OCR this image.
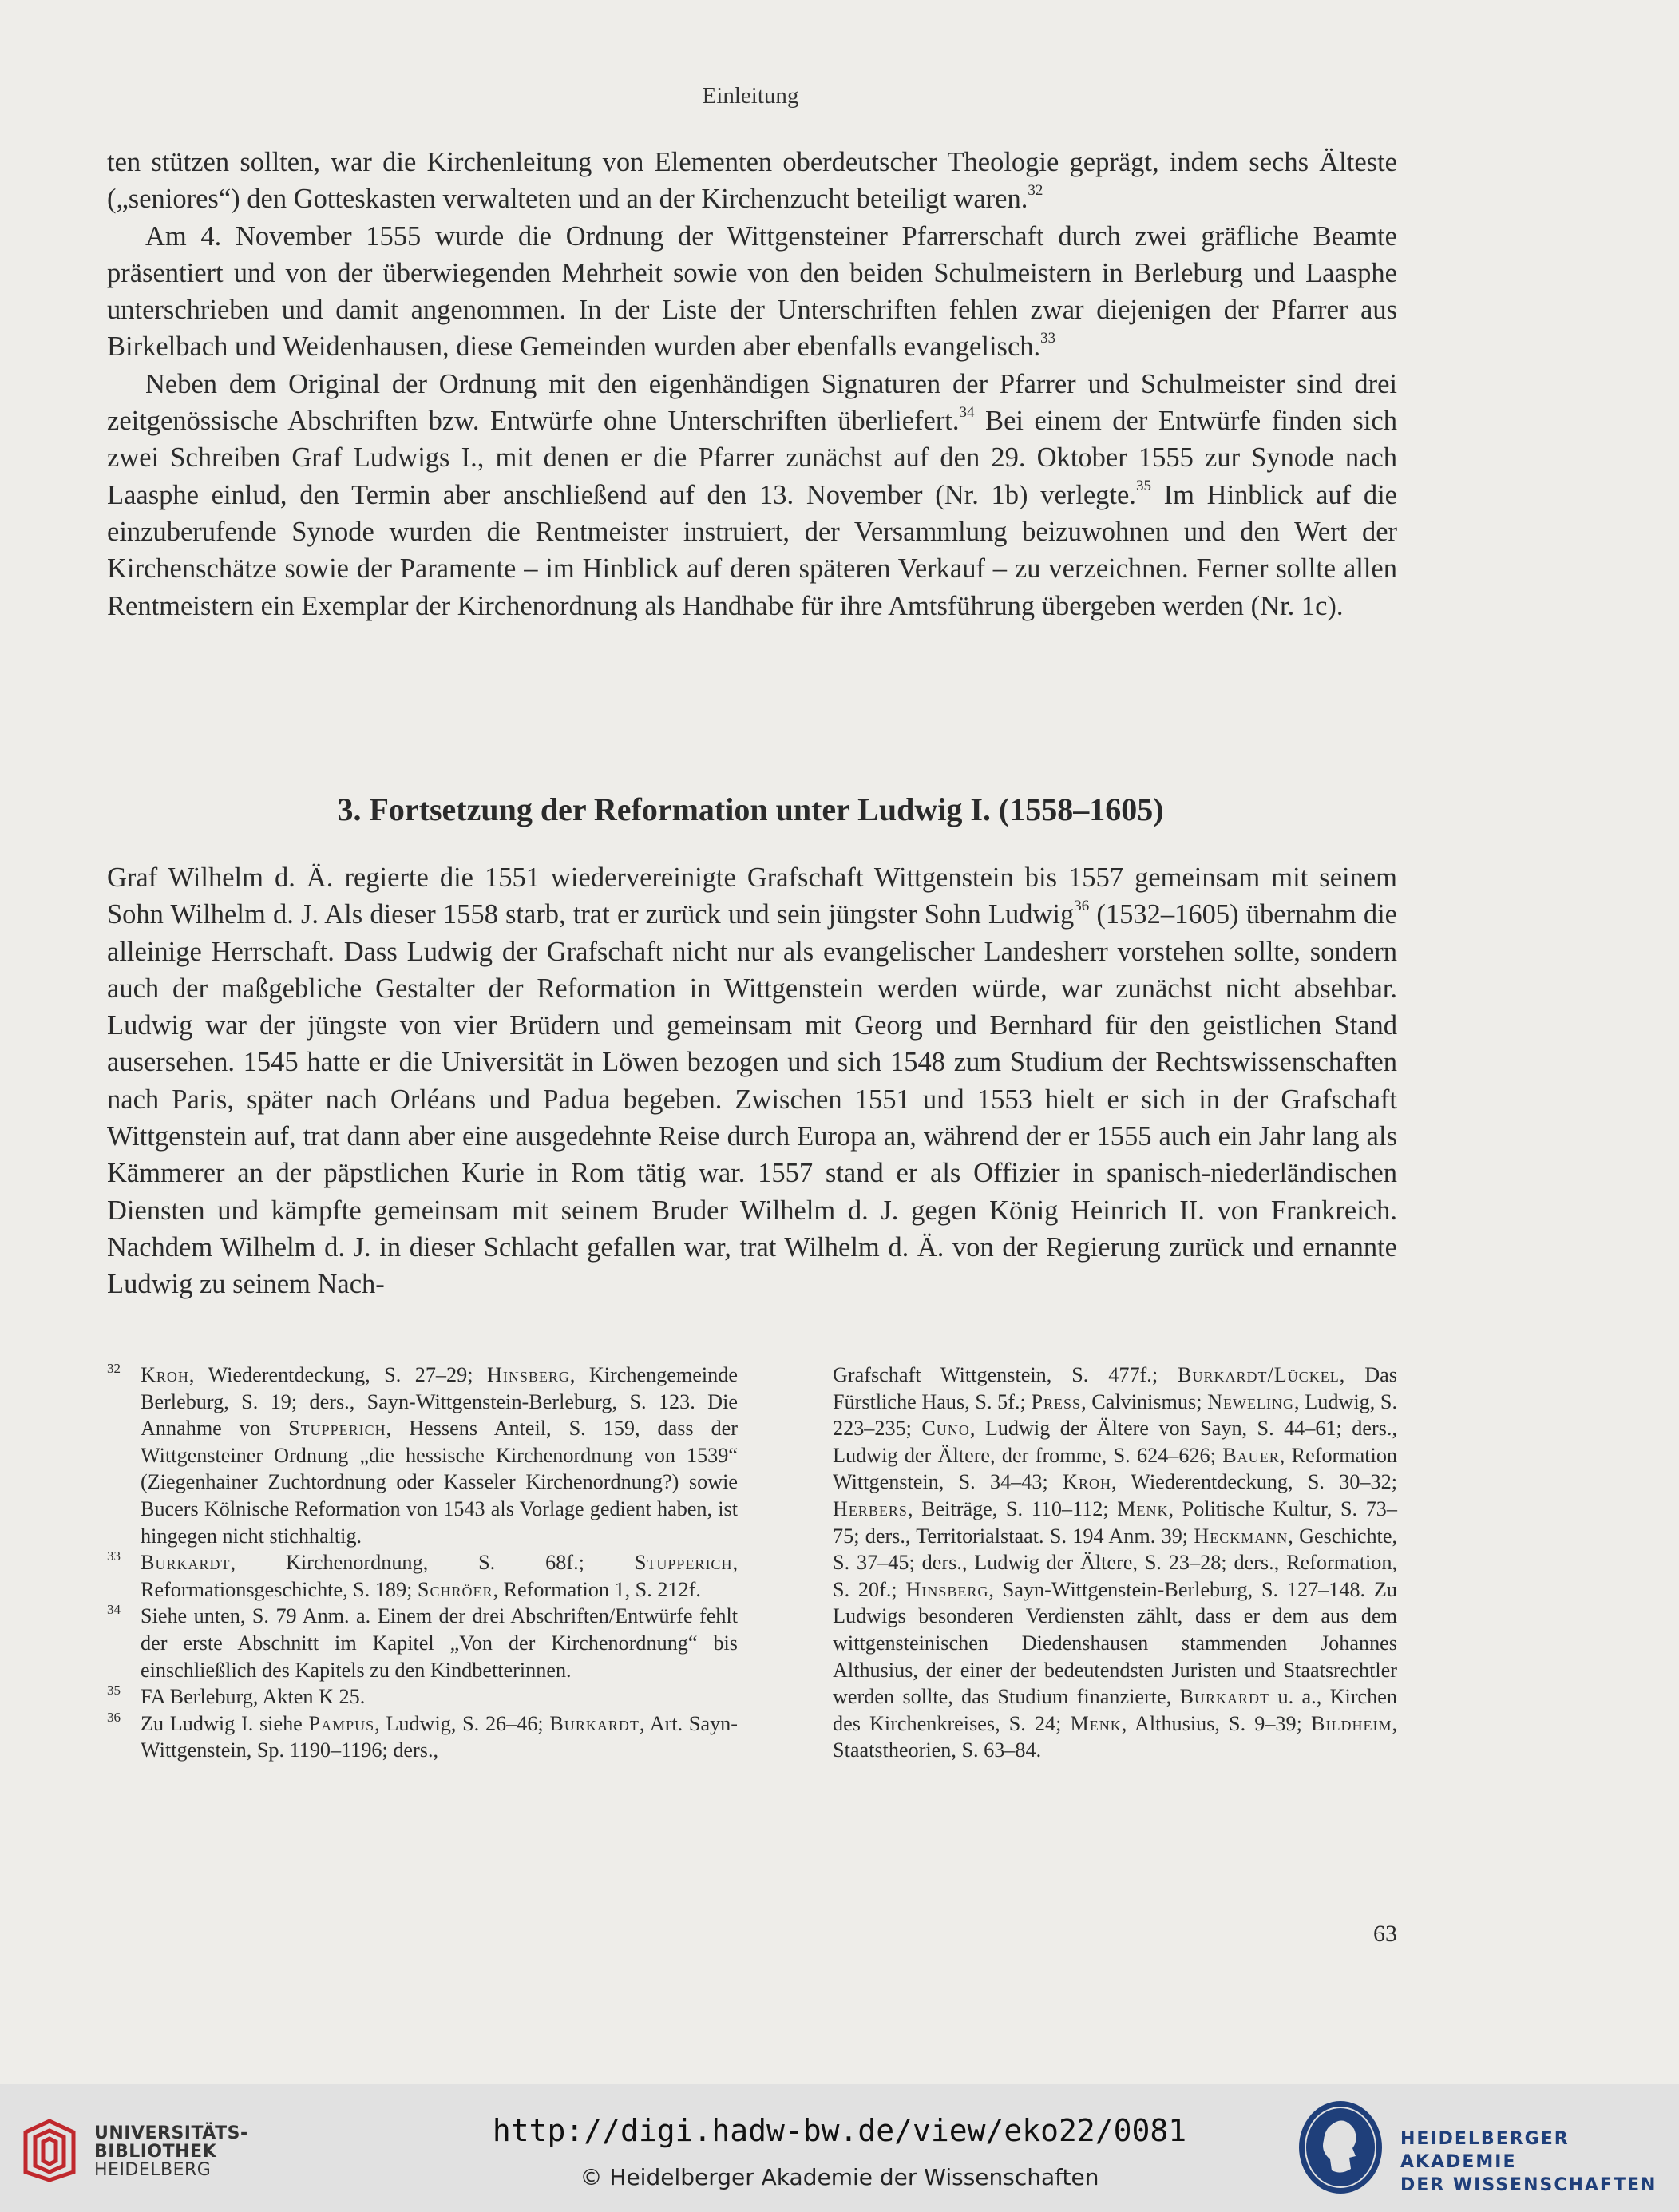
Einleitung

ten stützen sollten, war die Kirchenleitung von Elementen oberdeutscher Theologie geprägt, indem sechs Älteste („seniores“) den Gotteskasten verwalteten und an der Kirchenzucht beteiligt waren.$^{32}$

Am 4. November 1555 wurde die Ordnung der Wittgensteiner Pfarrerschaft durch zwei gräfliche Beamte präsentiert und von der überwiegenden Mehrheit sowie von den beiden Schulmeistern in Berleburg und Laasphe unterschrieben und damit angenommen. In der Liste der Unterschriften fehlen zwar diejenigen der Pfarrer aus Birkelbach und Weidenhausen, diese Gemeinden wurden aber ebenfalls evangelisch.$^{33}$

Neben dem Original der Ordnung mit den eigenhändigen Signaturen der Pfarrer und Schulmeister sind drei zeitgenössische Abschriften bzw. Entwürfe ohne Unterschriften überliefert.$^{34}$ Bei einem der Entwürfe finden sich zwei Schreiben Graf Ludwigs I., mit denen er die Pfarrer zunächst auf den 29. Oktober 1555 zur Synode nach Laasphe einlud, den Termin aber anschließend auf den 13. November (Nr. 1b) verlegte.$^{35}$ Im Hinblick auf die einzuberufende Synode wurden die Rentmeister instruiert, der Versammlung beizuwohnen und den Wert der Kirchenschätze sowie der Paramente – im Hinblick auf deren späteren Verkauf – zu verzeichnen. Ferner sollte allen Rentmeistern ein Exemplar der Kirchenordnung als Handhabe für ihre Amtsführung übergeben werden (Nr. 1c).

3. Fortsetzung der Reformation unter Ludwig I. (1558–1605)

Graf Wilhelm d. Ä. regierte die 1551 wiedervereinigte Grafschaft Wittgenstein bis 1557 gemeinsam mit seinem Sohn Wilhelm d. J. Als dieser 1558 starb, trat er zurück und sein jüngster Sohn Ludwig$^{36}$ (1532–1605) übernahm die alleinige Herrschaft. Dass Ludwig der Grafschaft nicht nur als evangelischer Landesherr vorstehen sollte, sondern auch der maßgebliche Gestalter der Reformation in Wittgenstein werden würde, war zunächst nicht absehbar. Ludwig war der jüngste von vier Brüdern und gemeinsam mit Georg und Bernhard für den geistlichen Stand ausersehen. 1545 hatte er die Universität in Löwen bezogen und sich 1548 zum Studium der Rechtswissenschaften nach Paris, später nach Orléans und Padua begeben. Zwischen 1551 und 1553 hielt er sich in der Grafschaft Wittgenstein auf, trat dann aber eine ausgedehnte Reise durch Europa an, während der er 1555 auch ein Jahr lang als Kämmerer an der päpstlichen Kurie in Rom tätig war. 1557 stand er als Offizier in spanisch-niederländischen Diensten und kämpfte gemeinsam mit seinem Bruder Wilhelm d. J. gegen König Heinrich II. von Frankreich. Nachdem Wilhelm d. J. in dieser Schlacht gefallen war, trat Wilhelm d. Ä. von der Regierung zurück und ernannte Ludwig zu seinem Nach-

32 Kroh, Wiederentdeckung, S. 27–29; Hinsberg, Kirchengemeinde Berleburg, S. 19; ders., Sayn-Wittgenstein-Berleburg, S. 123. Die Annahme von Stupperich, Hessens Anteil, S. 159, dass der Wittgensteiner Ordnung „die hessische Kirchenordnung von 1539“ (Ziegenhainer Zuchtordnung oder Kasseler Kirchenordnung?) sowie Bucers Kölnische Reformation von 1543 als Vorlage gedient haben, ist hingegen nicht stichhaltig.
33 Burkardt, Kirchenordnung, S. 68f.; Stupperich, Reformationsgeschichte, S. 189; Schröer, Reformation 1, S. 212f.
34 Siehe unten, S. 79 Anm. a. Einem der drei Abschriften/Entwürfe fehlt der erste Abschnitt im Kapitel „Von der Kirchenordnung“ bis einschließlich des Kapitels zu den Kindbetterinnen.
35 FA Berleburg, Akten K 25.
36 Zu Ludwig I. siehe Pampus, Ludwig, S. 26–46; Burkardt, Art. Sayn-Wittgenstein, Sp. 1190–1196; ders.,
Grafschaft Wittgenstein, S. 477f.; Burkardt/Lückel, Das Fürstliche Haus, S. 5f.; Press, Calvinismus; Neweling, Ludwig, S. 223–235; Cuno, Ludwig der Ältere von Sayn, S. 44–61; ders., Ludwig der Ältere, der fromme, S. 624–626; Bauer, Reformation Wittgenstein, S. 34–43; Kroh, Wiederentdeckung, S. 30–32; Herbers, Beiträge, S. 110–112; Menk, Politische Kultur, S. 73–75; ders., Territorialstaat. S. 194 Anm. 39; Heckmann, Geschichte, S. 37–45; ders., Ludwig der Ältere, S. 23–28; ders., Reformation, S. 20f.; Hinsberg, Sayn-Wittgenstein-Berleburg, S. 127–148. Zu Ludwigs besonderen Verdiensten zählt, dass er dem aus dem wittgensteinischen Diedenshausen stammenden Johannes Althusius, der einer der bedeutendsten Juristen und Staatsrechtler werden sollte, das Studium finanzierte, Burkardt u. a., Kirchen des Kirchenkreises, S. 24; Menk, Althusius, S. 9–39; Bildheim, Staatstheorien, S. 63–84.
63
UNIVERSITÄTS-
BIBLIOTHEK
HEIDELBERG
http://digi.hadw-bw.de/view/eko22/0081
© Heidelberger Akademie der Wissenschaften
HEIDELBERGER AKADEMIE
DER WISSENSCHAFTEN
